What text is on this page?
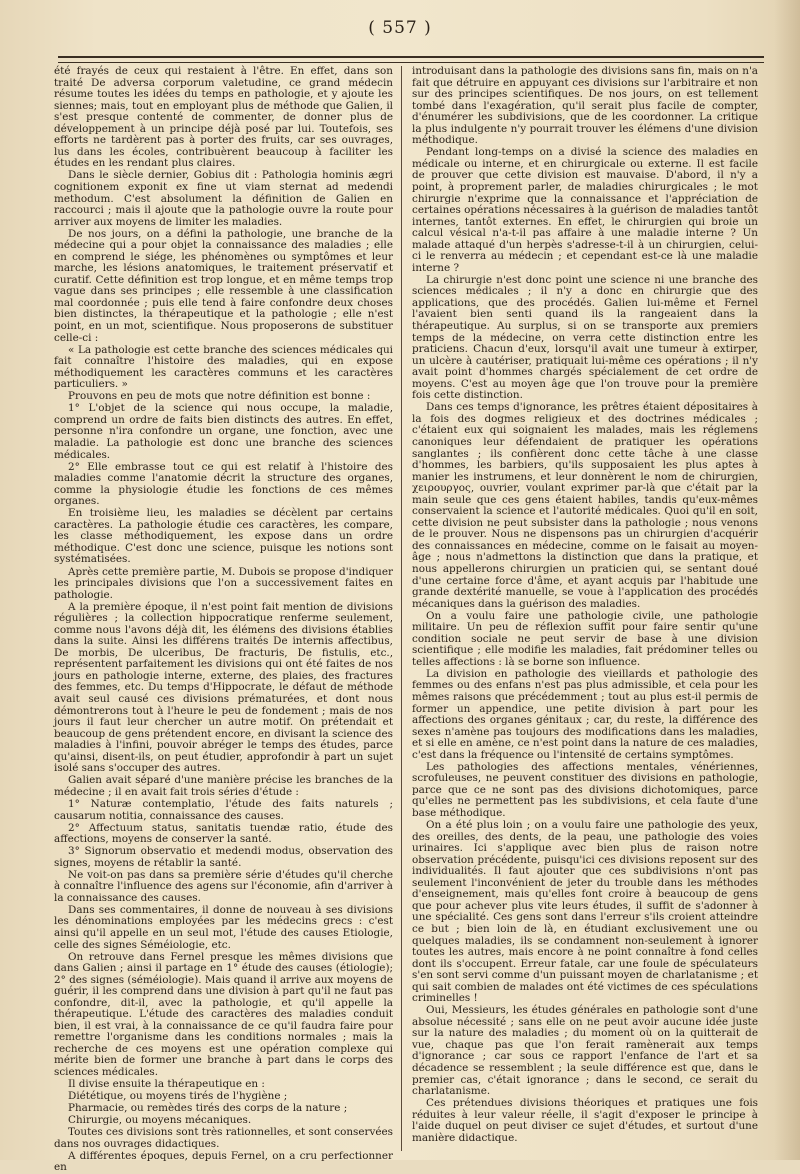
( 557 )

été frayés de ceux qui restaient à l'être. En effet, dans son traité De adversa corporum valetudine, ce grand médecin résume toutes les idées du temps en pathologie, et y ajoute les siennes; mais, tout en employant plus de méthode que Galien, il s'est presque contenté de commenter, de donner plus de développement à un principe déjà posé par lui. Toutefois, ses efforts ne tardèrent pas à porter des fruits, car ses ouvrages, lus dans les écoles, contribuèrent beaucoup à faciliter les études en les rendant plus claires.

Dans le siècle dernier, Gobius dit : Pathologia hominis ægri cognitionem exponit ex fine ut viam sternat ad medendi methodum. C'est absolument la définition de Galien en raccourci ; mais il ajoute que la pathologie ouvre la route pour arriver aux moyens de limiter les maladies.

De nos jours, on a défini la pathologie, une branche de la médecine qui a pour objet la connaissance des maladies ; elle en comprend le siége, les phénomènes ou symptômes et leur marche, les lésions anatomiques, le traitement préservatif et curatif. Cette définition est trop longue, et en même temps trop vague dans ses principes ; elle ressemble à une classification mal coordonnée ; puis elle tend à faire confondre deux choses bien distinctes, la thérapeutique et la pathologie ; elle n'est point, en un mot, scientifique. Nous proposerons de substituer celle-ci :

« La pathologie est cette branche des sciences médicales qui fait connaître l'histoire des maladies, qui en expose méthodiquement les caractères communs et les caractères particuliers. »

Prouvons en peu de mots que notre définition est bonne :

1° L'objet de la science qui nous occupe, la maladie, comprend un ordre de faits bien distincts des autres. En effet, personne n'ira confondre un organe, une fonction, avec une maladie. La pathologie est donc une branche des sciences médicales.

2° Elle embrasse tout ce qui est relatif à l'histoire des maladies comme l'anatomie décrit la structure des organes, comme la physiologie étudie les fonctions de ces mêmes organes.

En troisième lieu, les maladies se décèlent par certains caractères. La pathologie étudie ces caractères, les compare, les classe méthodiquement, les expose dans un ordre méthodique. C'est donc une science, puisque les notions sont systématisées.

Après cette première partie, M. Dubois se propose d'indiquer les principales divisions que l'on a successivement faites en pathologie.

A la première époque, il n'est point fait mention de divisions régulières ; la collection hippocratique renferme seulement, comme nous l'avons déjà dit, les élémens des divisions établies dans la suite. Ainsi les différens traités De internis affectibus, De morbis, De ulceribus, De fracturis, De fistulis, etc., représentent parfaitement les divisions qui ont été faites de nos jours en pathologie interne, externe, des plaies, des fractures des femmes, etc. Du temps d'Hippocrate, le défaut de méthode avait seul causé ces divisions prématurées, et dont nous démontrerons tout à l'heure le peu de fondement ; mais de nos jours il faut leur chercher un autre motif. On prétendait et beaucoup de gens prétendent encore, en divisant la science des maladies à l'infini, pouvoir abréger le temps des études, parce qu'ainsi, disent-ils, on peut étudier, approfondir à part un sujet isolé sans s'occuper des autres.

Galien avait séparé d'une manière précise les branches de la médecine ; il en avait fait trois séries d'étude :

1° Naturæ contemplatio, l'étude des faits naturels ; causarum notitia, connaissance des causes.

2° Affectuum status, sanitatis tuendæ ratio, étude des affections, moyens de conserver la santé.

3° Signorum observatio et medendi modus, observation des signes, moyens de rétablir la santé.

Ne voit-on pas dans sa première série d'études qu'il cherche à connaître l'influence des agens sur l'économie, afin d'arriver à la connaissance des causes.

Dans ses commentaires, il donne de nouveau à ses divisions les dénominations employées par les médecins grecs : c'est ainsi qu'il appelle en un seul mot, l'étude des causes Etiologie, celle des signes Séméiologie, etc.

On retrouve dans Fernel presque les mêmes divisions que dans Galien ; ainsi il partage en 1° étude des causes (étiologie); 2° des signes (séméiologie). Mais quand il arrive aux moyens de guérir, il les comprend dans une division à part qu'il ne faut pas confondre, dit-il, avec la pathologie, et qu'il appelle la thérapeutique. L'étude des caractères des maladies conduit bien, il est vrai, à la connaissance de ce qu'il faudra faire pour remettre l'organisme dans les conditions normales ; mais la recherche de ces moyens est une opération complexe qui mérite bien de former une branche à part dans le corps des sciences médicales.

Il divise ensuite la thérapeutique en :

Diététique, ou moyens tirés de l'hygiène ;

Pharmacie, ou remèdes tirés des corps de la nature ;

Chirurgie, ou moyens mécaniques.

Toutes ces divisions sont très rationnelles, et sont conservées dans nos ouvrages didactiques.

A différentes époques, depuis Fernel, on a cru perfectionner en

introduisant dans la pathologie des divisions sans fin, mais on n'a fait que détruire en appuyant ces divisions sur l'arbitraire et non sur des principes scientifiques. De nos jours, on est tellement tombé dans l'exagération, qu'il serait plus facile de compter, d'énumérer les subdivisions, que de les coordonner. La critique la plus indulgente n'y pourrait trouver les élémens d'une division méthodique.

Pendant long-temps on a divisé la science des maladies en médicale ou interne, et en chirurgicale ou externe. Il est facile de prouver que cette division est mauvaise. D'abord, il n'y a point, à proprement parler, de maladies chirurgicales ; le mot chirurgie n'exprime que la connaissance et l'appréciation de certaines opérations nécessaires à la guérison de maladies tantôt internes, tantôt externes. En effet, le chirurgien qui broie un calcul vésical n'a-t-il pas affaire à une maladie interne ? Un malade attaqué d'un herpès s'adresse-t-il à un chirurgien, celui-ci le renverra au médecin ; et cependant est-ce là une maladie interne ?

La chirurgie n'est donc point une science ni une branche des sciences médicales ; il n'y a donc en chirurgie que des applications, que des procédés. Galien lui-même et Fernel l'avaient bien senti quand ils la rangeaient dans la thérapeutique. Au surplus, si on se transporte aux premiers temps de la médecine, on verra cette distinction entre les praticiens. Chacun d'eux, lorsqu'il avait une tumeur à extirper, un ulcère à cautériser, pratiquait lui-même ces opérations ; il n'y avait point d'hommes chargés spécialement de cet ordre de moyens. C'est au moyen âge que l'on trouve pour la première fois cette distinction.

Dans ces temps d'ignorance, les prêtres étaient dépositaires à la fois des dogmes religieux et des doctrines médicales ; c'étaient eux qui soignaient les malades, mais les réglemens canoniques leur défendaient de pratiquer les opérations sanglantes ; ils confièrent donc cette tâche à une classe d'hommes, les barbiers, qu'ils supposaient les plus aptes à manier les instrumens, et leur donnèrent le nom de chirurgien, χειρουργος, ouvrier, voulant exprimer par-là que c'était par la main seule que ces gens étaient habiles, tandis qu'eux-mêmes conservaient la science et l'autorité médicales. Quoi qu'il en soit, cette division ne peut subsister dans la pathologie ; nous venons de le prouver. Nous ne dispensons pas un chirurgien d'acquérir des connaissances en médecine, comme on le faisait au moyen-âge ; nous n'admettons la distinction que dans la pratique, et nous appellerons chirurgien un praticien qui, se sentant doué d'une certaine force d'âme, et ayant acquis par l'habitude une grande dextérité manuelle, se voue à l'application des procédés mécaniques dans la guérison des maladies.

On a voulu faire une pathologie civile, une pathologie militaire. Un peu de réflexion suffit pour faire sentir qu'une condition sociale ne peut servir de base à une division scientifique ; elle modifie les maladies, fait prédominer telles ou telles affections : là se borne son influence.

La division en pathologie des vieillards et pathologie des femmes ou des enfans n'est pas plus admissible, et cela pour les mêmes raisons que précédemment ; tout au plus est-il permis de former un appendice, une petite division à part pour les affections des organes génitaux ; car, du reste, la différence des sexes n'amène pas toujours des modifications dans les maladies, et si elle en amène, ce n'est point dans la nature de ces maladies, c'est dans la fréquence ou l'intensité de certains symptômes.

Les pathologies des affections mentales, vénériennes, scrofuleuses, ne peuvent constituer des divisions en pathologie, parce que ce ne sont pas des divisions dichotomiques, parce qu'elles ne permettent pas les subdivisions, et cela faute d'une base méthodique.

On a été plus loin ; on a voulu faire une pathologie des yeux, des oreilles, des dents, de la peau, une pathologie des voies urinaires. Ici s'applique avec bien plus de raison notre observation précédente, puisqu'ici ces divisions reposent sur des individualités. Il faut ajouter que ces subdivisions n'ont pas seulement l'inconvénient de jeter du trouble dans les méthodes d'enseignement, mais qu'elles font croire à beaucoup de gens que pour achever plus vite leurs études, il suffit de s'adonner à une spécialité. Ces gens sont dans l'erreur s'ils croient atteindre ce but ; bien loin de là, en étudiant exclusivement une ou quelques maladies, ils se condamnent non-seulement à ignorer toutes les autres, mais encore à ne point connaître à fond celles dont ils s'occupent. Erreur fatale, car une foule de spéculateurs s'en sont servi comme d'un puissant moyen de charlatanisme ; et qui sait combien de malades ont été victimes de ces spéculations criminelles !

Oui, Messieurs, les études générales en pathologie sont d'une absolue nécessité ; sans elle on ne peut avoir aucune idée juste sur la nature des maladies ; du moment où on la quitterait de vue, chaque pas que l'on ferait ramènerait aux temps d'ignorance ; car sous ce rapport l'enfance de l'art et sa décadence se ressemblent ; la seule différence est que, dans le premier cas, c'était ignorance ; dans le second, ce serait du charlatanisme.

Ces prétendues divisions théoriques et pratiques une fois réduites à leur valeur réelle, il s'agit d'exposer le principe à l'aide duquel on peut diviser ce sujet d'études, et surtout d'une manière didactique.
